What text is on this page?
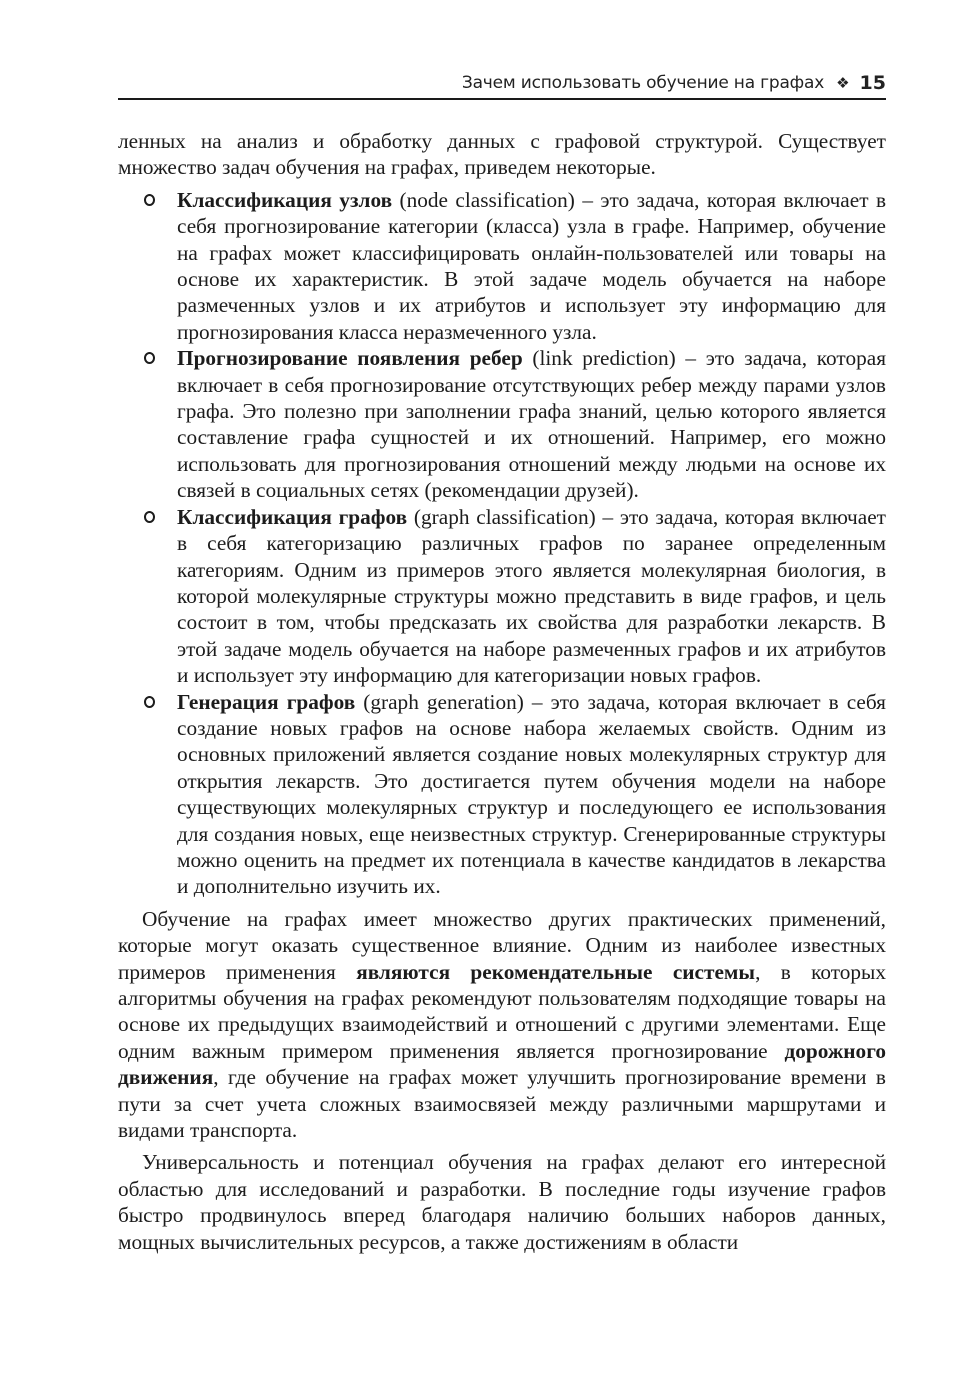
Зачем использовать обучение на графах ❖ 15

ленных на анализ и обработку данных с графовой структурой. Существует множество задач обучения на графах, приведем некоторые.

Классификация узлов (node classification) – это задача, которая включает в себя прогнозирование категории (класса) узла в графе. Например, обучение на графах может классифицировать онлайн-пользователей или товары на основе их характеристик. В этой задаче модель обучается на наборе размеченных узлов и их атрибутов и использует эту информацию для прогнозирования класса неразмеченного узла.
Прогнозирование появления ребер (link prediction) – это задача, которая включает в себя прогнозирование отсутствующих ребер между парами узлов графа. Это полезно при заполнении графа знаний, целью которого является составление графа сущностей и их отношений. Например, его можно использовать для прогнозирования отношений между людьми на основе их связей в социальных сетях (рекомендации друзей).
Классификация графов (graph classification) – это задача, которая включает в себя категоризацию различных графов по заранее определенным категориям. Одним из примеров этого является молекулярная биология, в которой молекулярные структуры можно представить в виде графов, и цель состоит в том, чтобы предсказать их свойства для разработки лекарств. В этой задаче модель обучается на наборе размеченных графов и их атрибутов и использует эту информацию для категоризации новых графов.
Генерация графов (graph generation) – это задача, которая включает в себя создание новых графов на основе набора желаемых свойств. Одним из основных приложений является создание новых молекулярных структур для открытия лекарств. Это достигается путем обучения модели на наборе существующих молекулярных структур и последующего ее использования для создания новых, еще неизвестных структур. Сгенерированные структуры можно оценить на предмет их потенциала в качестве кандидатов в лекарства и дополнительно изучить их.

Обучение на графах имеет множество других практических применений, которые могут оказать существенное влияние. Одним из наиболее известных примеров применения являются рекомендательные системы, в которых алгоритмы обучения на графах рекомендуют пользователям подходящие товары на основе их предыдущих взаимодействий и отношений с другими элементами. Еще одним важным примером применения является прогнозирование дорожного движения, где обучение на графах может улучшить прогнозирование времени в пути за счет учета сложных взаимосвязей между различными маршрутами и видами транспорта.

Универсальность и потенциал обучения на графах делают его интересной областью для исследований и разработки. В последние годы изучение графов быстро продвинулось вперед благодаря наличию больших наборов данных, мощных вычислительных ресурсов, а также достижениям в области
